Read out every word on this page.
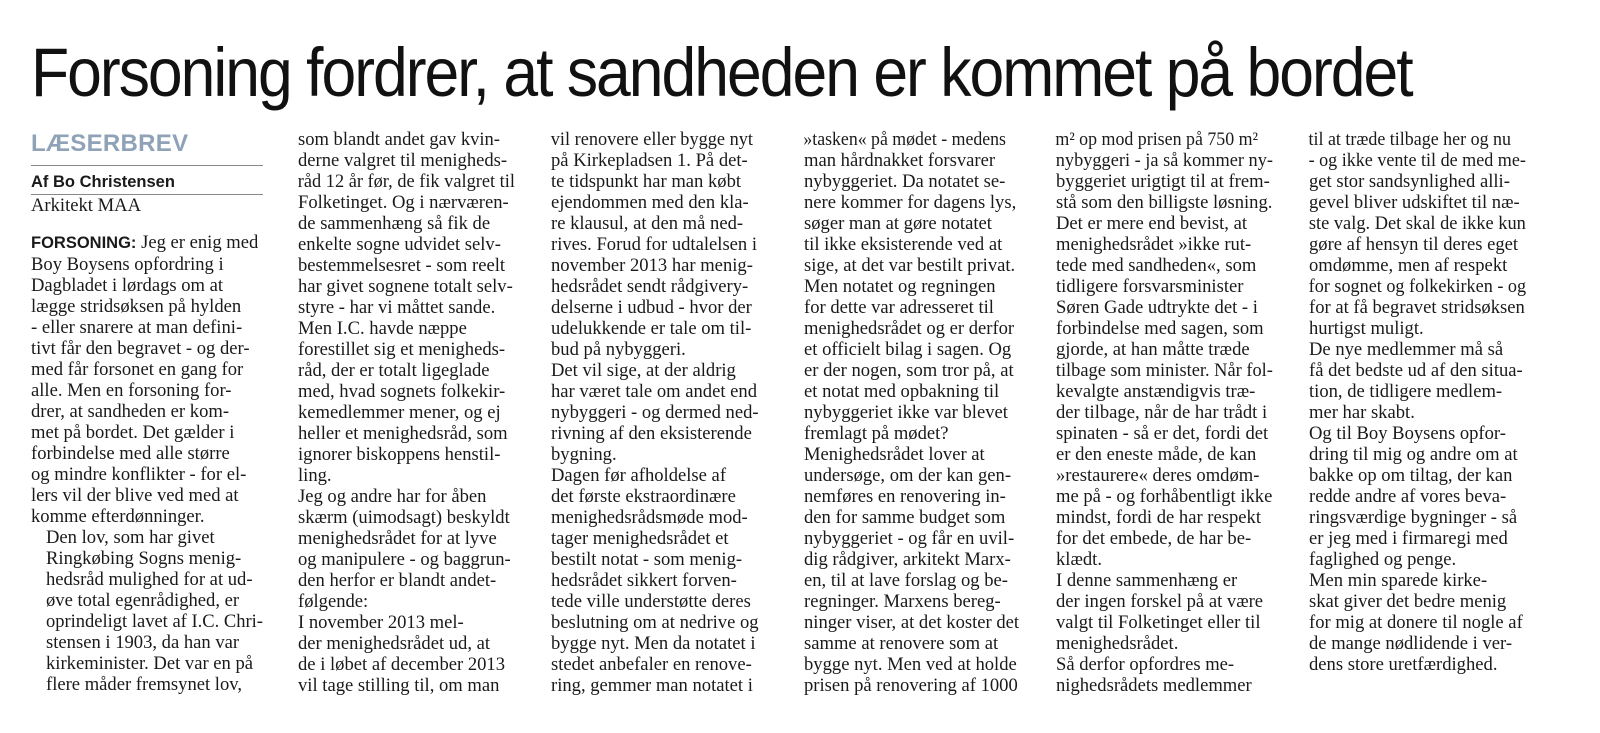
Forsoning fordrer, at sandheden er kommet på bordet
LÆSERBREV
Af Bo Christensen
Arkitekt MAA

FORSONING: Jeg er enig med

Boy Boysens opfordring i
Dagbladet i lørdags om at
lægge stridsøksen på hylden
- eller snarere at man defini-
tivt får den begravet - og der-
med får forsonet en gang for
alle. Men en forsoning for-
drer, at sandheden er kom-
met på bordet. Det gælder i
forbindelse med alle større
og mindre konflikter - for el-
lers vil der blive ved med at
komme efterdønninger.

Den lov, som har givet
Ringkøbing Sogns menig-
hedsråd mulighed for at ud-
øve total egenrådighed, er
oprindeligt lavet af I.C. Chri-
stensen i 1903, da han var
kirkeminister. Det var en på
flere måder fremsynet lov,

som blandt andet gav kvin-
derne valgret til menigheds-
råd 12 år før, de fik valgret til
Folketinget. Og i nærværen-
de sammenhæng så fik de
enkelte sogne udvidet selv-
bestemmelsesret - som reelt
har givet sognene totalt selv-
styre - har vi måttet sande.

Men I.C. havde næppe
forestillet sig et menigheds-
råd, der er totalt ligeglade
med, hvad sognets folkekir-
kemedlemmer mener, og ej
heller et menighedsråd, som
ignorer biskoppens henstil-
ling.

Jeg og andre har for åben
skærm (uimodsagt) beskyldt
menighedsrådet for at lyve
og manipulere - og baggrun-
den herfor er blandt andet-
følgende:

I november 2013 mel-
der menighedsrådet ud, at
de i løbet af december 2013
vil tage stilling til, om man

vil renovere eller bygge nyt
på Kirkepladsen 1. På det-
te tidspunkt har man købt
ejendommen med den kla-
re klausul, at den må ned-
rives. Forud for udtalelsen i
november 2013 har menig-
hedsrådet sendt rådgivery-
delserne i udbud - hvor der
udelukkende er tale om til-
bud på nybyggeri.

Det vil sige, at der aldrig
har været tale om andet end
nybyggeri - og dermed ned-
rivning af den eksisterende
bygning.

Dagen før afholdelse af
det første ekstraordinære
menighedsrådsmøde mod-
tager menighedsrådet et
bestilt notat - som menig-
hedsrådet sikkert forven-
tede ville understøtte deres
beslutning om at nedrive og
bygge nyt. Men da notatet i
stedet anbefaler en renove-
ring, gemmer man notatet i

»tasken« på mødet - medens
man hårdnakket forsvarer
nybyggeriet. Da notatet se-
nere kommer for dagens lys,
søger man at gøre notatet
til ikke eksisterende ved at
sige, at det var bestilt privat.
Men notatet og regningen
for dette var adresseret til
menighedsrådet og er derfor
et officielt bilag i sagen. Og
er der nogen, som tror på, at
et notat med opbakning til
nybyggeriet ikke var blevet
fremlagt på mødet?

Menighedsrådet lover at
undersøge, om der kan gen-
nemføres en renovering in-
den for samme budget som
nybyggeriet - og får en uvil-
dig rådgiver, arkitekt Marx-
en, til at lave forslag og be-
regninger. Marxens bereg-
ninger viser, at det koster det
samme at renovere som at
bygge nyt. Men ved at holde
prisen på renovering af 1000

m² op mod prisen på 750 m²
nybyggeri - ja så kommer ny-
byggeriet urigtigt til at frem-
stå som den billigste løsning.

Det er mere end bevist, at
menighedsrådet »ikke rut-
tede med sandheden«, som
tidligere forsvarsminister
Søren Gade udtrykte det - i
forbindelse med sagen, som
gjorde, at han måtte træde
tilbage som minister. Når fol-
kevalgte anstændigvis træ-
der tilbage, når de har trådt i
spinaten - så er det, fordi det
er den eneste måde, de kan
»restaurere« deres omdøm-
me på - og forhåbentligt ikke
mindst, fordi de har respekt
for det embede, de har be-
klædt.

I denne sammenhæng er
der ingen forskel på at være
valgt til Folketinget eller til
menighedsrådet.

Så derfor opfordres me-
nighedsrådets medlemmer

til at træde tilbage her og nu
- og ikke vente til de med me-
get stor sandsynlighed alli-
gevel bliver udskiftet til næ-
ste valg. Det skal de ikke kun
gøre af hensyn til deres eget
omdømme, men af respekt
for sognet og folkekirken - og
for at få begravet stridsøksen
hurtigst muligt.

De nye medlemmer må så
få det bedste ud af den situa-
tion, de tidligere medlem-
mer har skabt.

Og til Boy Boysens opfor-
dring til mig og andre om at
bakke op om tiltag, der kan
redde andre af vores beva-
ringsværdige bygninger - så
er jeg med i firmaregi med
faglighed og penge.

Men min sparede kirke-
skat giver det bedre menig
for mig at donere til nogle af
de mange nødlidende i ver-
dens store uretfærdighed.
